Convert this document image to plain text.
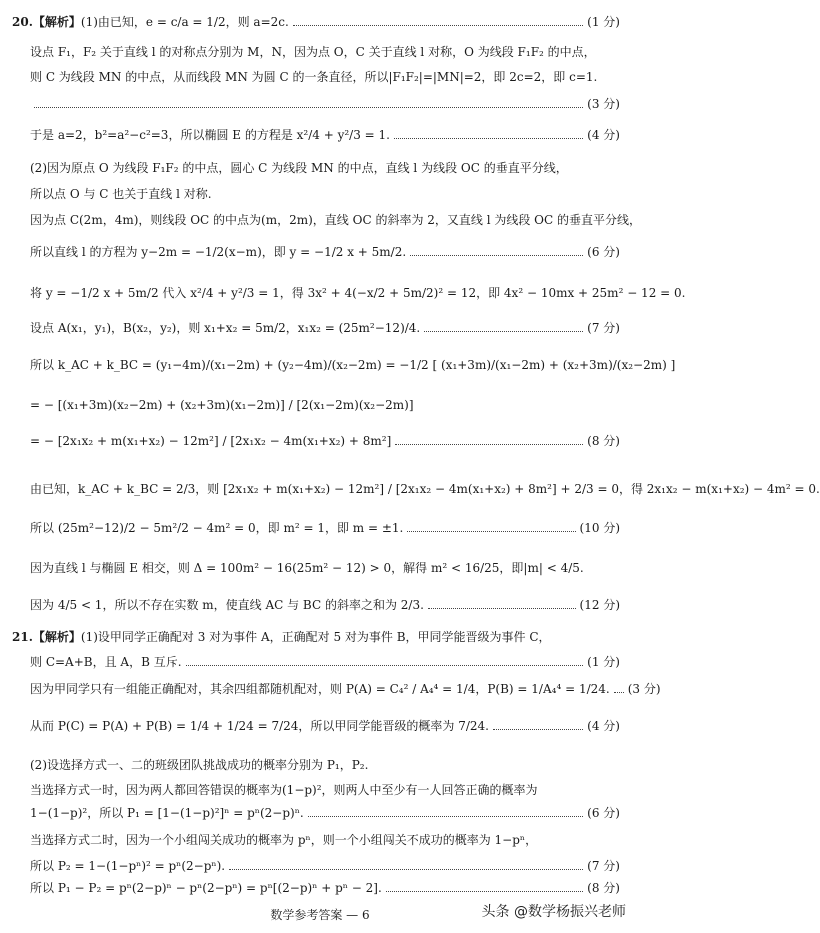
20. 【解析】 (1)由已知，e = c/a = 1/2，则 a=2c.	(1 分)
设点 F₁，F₂ 关于直线 l 的对称点分别为 M，N，因为点 O，C 关于直线 l 对称，O 为线段 F₁F₂ 的中点，
则 C 为线段 MN 的中点，从而线段 MN 为圆 C 的一条直径，所以|F₁F₂|=|MN|=2，即 2c=2，即 c=1.
(3 分)
于是 a=2，b²=a²−c²=3，所以椭圆 E 的方程是 x²/4 + y²/3 = 1.	(4 分)
(2)因为原点 O 为线段 F₁F₂ 的中点，圆心 C 为线段 MN 的中点，直线 l 为线段 OC 的垂直平分线，
所以点 O 与 C 也关于直线 l 对称.
因为点 C(2m，4m)，则线段 OC 的中点为(m，2m)，直线 OC 的斜率为 2，又直线 l 为线段 OC 的垂直平分线，
所以直线 l 的方程为 y−2m = −1/2(x−m)，即 y = −1/2 x + 5m/2.	(6 分)
将 y = −1/2 x + 5m/2 代入 x²/4 + y²/3 = 1，得 3x² + 4(−x/2 + 5m/2)² = 12，即 4x² − 10mx + 25m² − 12 = 0.
设点 A(x₁，y₁)，B(x₂，y₂)，则 x₁+x₂ = 5m/2，x₁x₂ = (25m²−12)/4.	(7 分)
所以 k_AC + k_BC = (y₁−4m)/(x₁−2m) + (y₂−4m)/(x₂−2m) = −1/2 [ (x₁+3m)/(x₁−2m) + (x₂+3m)/(x₂−2m) ]
= − [(x₁+3m)(x₂−2m) + (x₂+3m)(x₁−2m)] / [2(x₁−2m)(x₂−2m)]
= − [2x₁x₂ + m(x₁+x₂) − 12m²] / [2x₁x₂ − 4m(x₁+x₂) + 8m²]	(8 分)
由已知，k_AC + k_BC = 2/3，则 [2x₁x₂ + m(x₁+x₂) − 12m²] / [2x₁x₂ − 4m(x₁+x₂) + 8m²] + 2/3 = 0，得 2x₁x₂ − m(x₁+x₂) − 4m² = 0.
所以 (25m²−12)/2 − 5m²/2 − 4m² = 0，即 m² = 1，即 m = ±1.	(10 分)
因为直线 l 与椭圆 E 相交，则 Δ = 100m² − 16(25m² − 12) > 0，解得 m² < 16/25，即|m| < 4/5.
因为 4/5 < 1，所以不存在实数 m，使直线 AC 与 BC 的斜率之和为 2/3.	(12 分)
21. 【解析】 (1)设甲同学正确配对 3 对为事件 A，正确配对 5 对为事件 B，甲同学能晋级为事件 C，
则 C=A+B，且 A，B 互斥.	(1 分)
因为甲同学只有一组能正确配对，其余四组都随机配对，则 P(A) = C₄² / A₄⁴ = 1/4，P(B) = 1/A₄⁴ = 1/24. (3 分)
从而 P(C) = P(A) + P(B) = 1/4 + 1/24 = 7/24，所以甲同学能晋级的概率为 7/24.	(4 分)
(2)设选择方式一、二的班级团队挑战成功的概率分别为 P₁，P₂.
当选择方式一时，因为两人都回答错误的概率为(1−p)²，则两人中至少有一人回答正确的概率为
1−(1−p)²，所以 P₁ = [1−(1−p)²]ⁿ = pⁿ(2−p)ⁿ.	(6 分)
当选择方式二时，因为一个小组闯关成功的概率为 pⁿ，则一个小组闯关不成功的概率为 1−pⁿ，
所以 P₂ = 1−(1−pⁿ)² = pⁿ(2−pⁿ).	(7 分)
所以 P₁ − P₂ = pⁿ(2−p)ⁿ − pⁿ(2−pⁿ) = pⁿ[(2−p)ⁿ + pⁿ − 2].	(8 分)
数学参考答案 — 6	头条 @数学杨振兴老师
